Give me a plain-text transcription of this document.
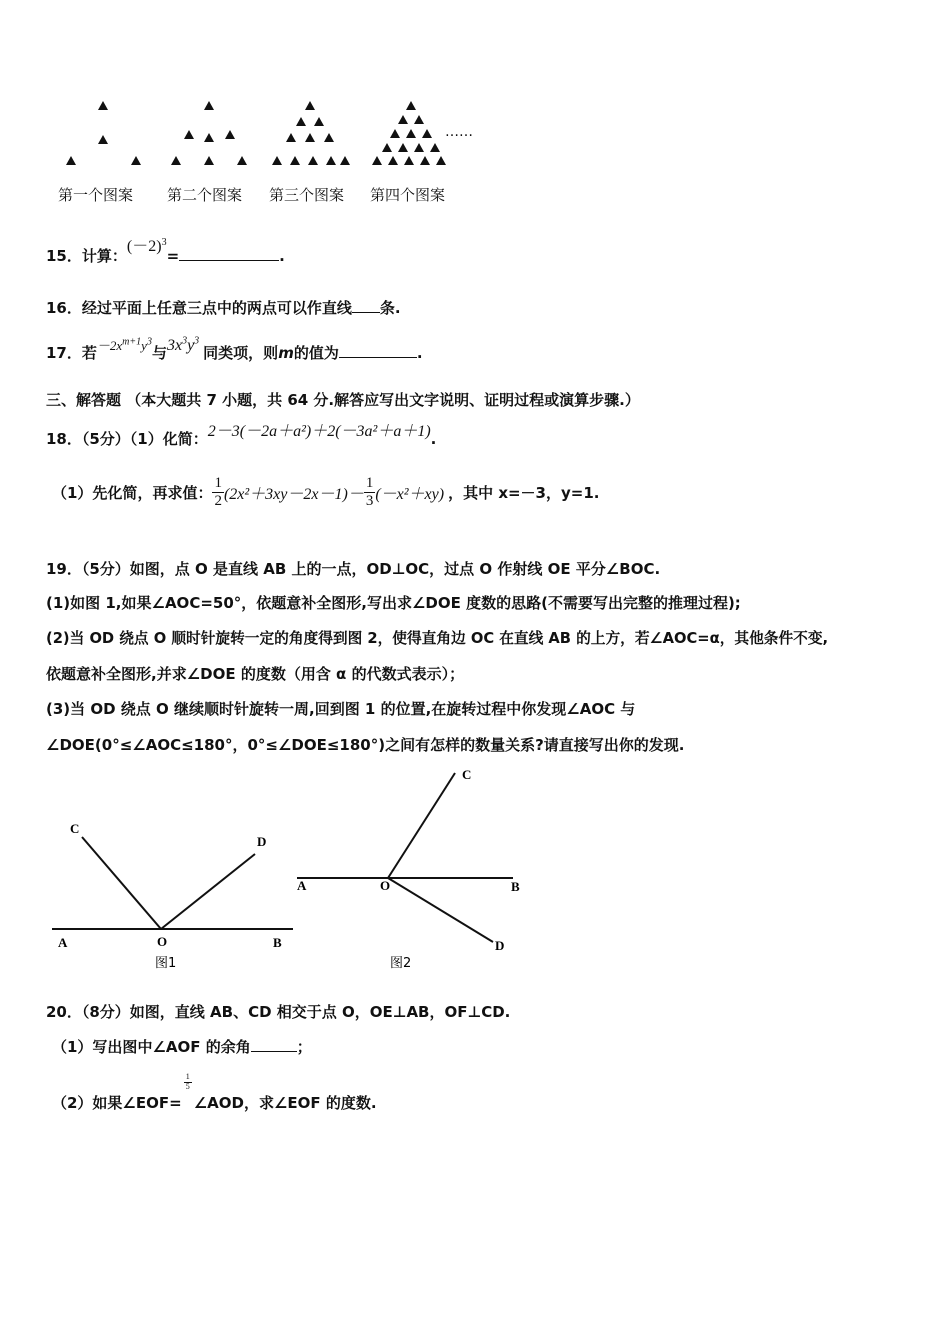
……
第一个图案 第二个图案 第三个图案 第四个图案
15．计算：$(-2)^3=$	.
16．经过平面上任意三点中的两点可以作直线 条.
17．若$-2x^{m+1}y^3$与$3x^3y^3$同类项，则m的值为	.
三、解答题 （本大题共 7 小题，共 64 分.解答应写出文字说明、证明过程或演算步骤.）
18．（5分）（1）化简：2－3(－2a＋a²)＋2(－3a²＋a＋1).
（1）先化简，再求值： $\frac{1}{2} (2x^2+3xy-2x-1)- \frac{1}{3} (-x^2+xy)$ ，其中 x=－3，y=1.
19．（5分）如图，点 O 是直线 AB 上的一点，OD⊥OC，过点 O 作射线 OE 平分∠BOC.
(1)如图 1,如果∠AOC=50°，依题意补全图形,写出求∠DOE 度数的思路(不需要写出完整的推理过程);
(2)当 OD 绕点 O 顺时针旋转一定的角度得到图 2，使得直角边 OC 在直线 AB 的上方，若∠AOC=α，其他条件不变,
依题意补全图形,并求∠DOE 的度数（用含 α 的代数式表示）；
(3)当 OD 绕点 O 继续顺时针旋转一周,回到图 1 的位置,在旋转过程中你发现∠AOC 与
∠DOE(0°≤∠AOC≤180°，0°≤∠DOE≤180°)之间有怎样的数量关系?请直接写出你的发现.
C
D
A	O	B
图1
C
A	O	B
D
图2
20．（8分）如图，直线 AB、CD 相交于点 O，OE⊥AB，OF⊥CD.
（1）写出图中∠AOF 的余角	；
（2）如果∠EOF=
$\frac{1}{5}$
∠AOD，求∠EOF 的度数.
